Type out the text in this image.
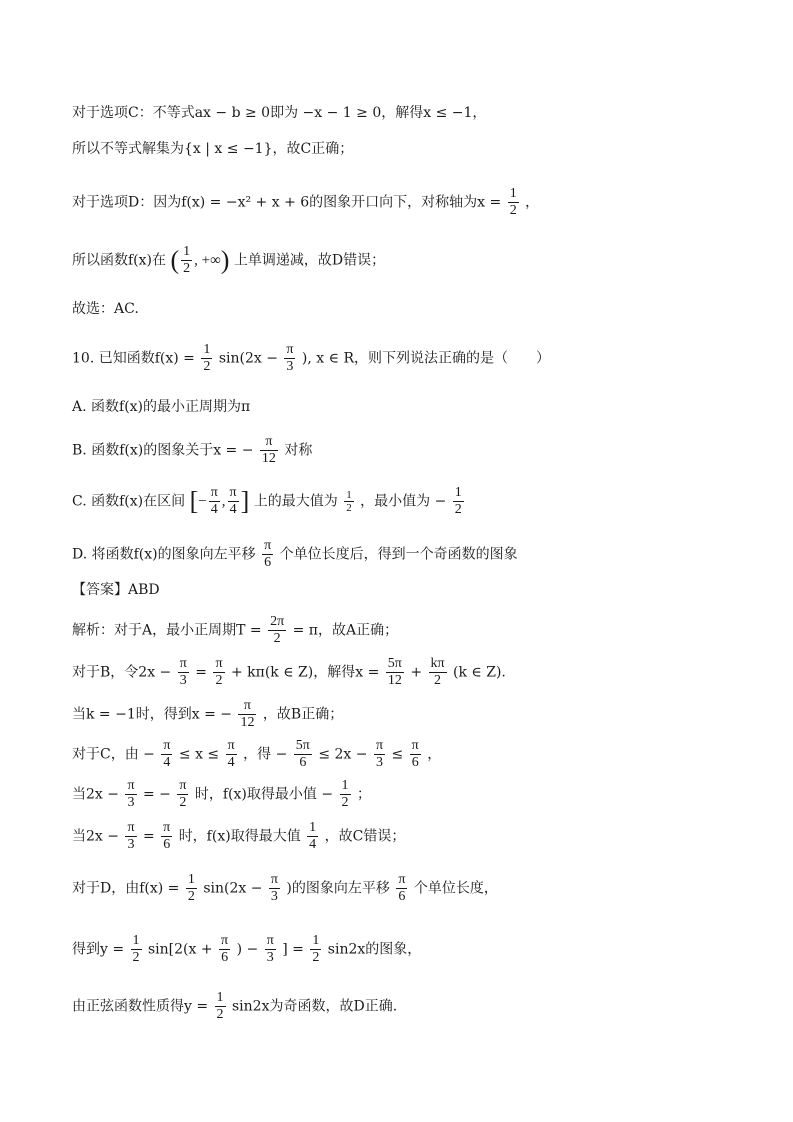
对于选项C：不等式ax − b ≥ 0即为 −x − 1 ≥ 0，解得x ≤ −1，
所以不等式解集为{x | x ≤ −1}，故C正确；
对于选项D：因为f(x) = −x² + x + 6的图象开口向下，对称轴为$x = \frac{1}{2}$ ，
所以函数f(x)在 ( $\frac{1}{2}$ , +∞) 上单调递减，故D错误；
故选：AC.
10. 已知函数$f(x) = \frac{1}{2} \sin(2x - \frac{\pi}{3}$ ), x ∈ R，则下列说法正确的是（　　）
A. 函数f(x)的最小正周期为π
B. 函数f(x)的图象关于x = − $\frac{\pi}{12}$ 对称
C. 函数f(x)在区间 [− $\frac{\pi}{4}$ , $\frac{\pi}{4}$ ] 上的最大值为 $\frac{1}{2}$ ，最小值为 − $\frac{1}{2}$
D. 将函数f(x)的图象向左平移 $\frac{\pi}{6}$ 个单位长度后，得到一个奇函数的图象
【答案】ABD
解析：对于A，最小正周期$T = \frac{2\pi}{2} = \pi$，故A正确；
对于B，令$2x - \frac{\pi}{3} = \frac{\pi}{2} + k\pi(k$ ∈ Z)，解得$x = \frac{5\pi}{12} + \frac{k\pi}{2} (k$ ∈ Z).
当k = −1时，得到x = − $\frac{\pi}{12}$ ，故B正确；
对于C，由 − $\frac{\pi}{4} \le x \le \frac{\pi}{4}$ ，得 − $\frac{5\pi}{6} \le 2x - \frac{\pi}{3} \le \frac{\pi}{6}$ ，
当$2x - \frac{\pi}{3}$ = − $\frac{\pi}{2}$ 时，f(x)取得最小值 − $\frac{1}{2}$ ；
当$2x - \frac{\pi}{3} = \frac{\pi}{6}$ 时，f(x)取得最大值 $\frac{1}{4}$ ，故C错误；
对于D，由$f(x) = \frac{1}{2} \sin(2x - \frac{\pi}{3}$ )的图象向左平移 $\frac{\pi}{6}$ 个单位长度，
得到$y = \frac{1}{2} \sin[2(x + \frac{\pi}{6}$ ) − $\frac{\pi}{3}$ ] = $\frac{1}{2} \sin 2x$的图象，
由正弦函数性质得$y = \frac{1}{2} \sin 2x$为奇函数，故D正确.
